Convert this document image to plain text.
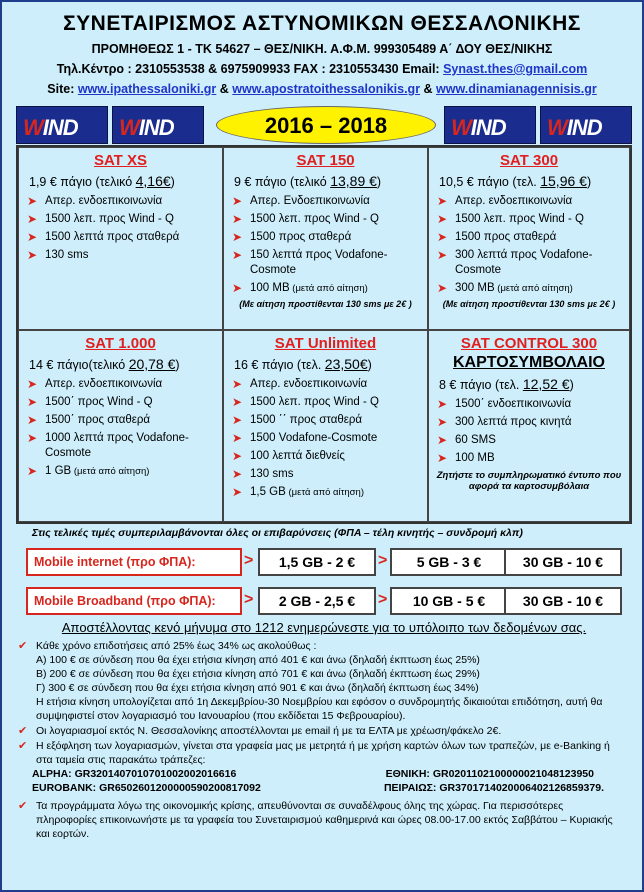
ΣΥΝΕΤΑΙΡΙΣΜΟΣ ΑΣΤΥΝΟΜΙΚΩΝ ΘΕΣΣΑΛΟΝΙΚΗΣ
ΠΡΟΜΗΘΕΩΣ 1 - ΤΚ 54627 – ΘΕΣ/ΝΙΚΗ. Α.Φ.Μ. 999305489 Α΄ ΔΟΥ ΘΕΣ/ΝΙΚΗΣ
Τηλ.Κέντρο : 2310553538 & 6975909933 FAX : 2310553430 Email: Synast.thes@gmail.com
Site: www.ipathessaloniki.gr & www.apostratoithessalonikis.gr & www.dinamianagennisis.gr
WIND WIND	2016 – 2018	WIND WIND
SAT XS
1,9 € πάγιο (τελικό 4,16€)
➤ Απερ. ενδοεπικοινωνία
➤ 1500 λεπ. προς Wind - Q
➤ 1500 λεπτά προς σταθερά
➤ 130 sms
SAT 150
9 € πάγιο (τελικό 13,89 €)
➤ Απερ. Ενδοεπικοινωνία
➤ 1500 λεπ. προς Wind - Q
➤ 1500 προς σταθερά
➤ 150 λεπτά προς Vodafone-Cosmote
➤ 100 MB (μετά από αίτηση)
(Με αίτηση προστίθενται 130 sms με 2€ )
SAT 300
10,5 € πάγιο (τελ. 15,96 €)
➤ Απερ. ενδοεπικοινωνία
➤ 1500 λεπ. προς Wind - Q
➤ 1500 προς σταθερά
➤ 300 λεπτά προς Vodafone-Cosmote
➤ 300 MB (μετά από αίτηση)
(Με αίτηση προστίθενται 130 sms με 2€ )
SAT 1.000
14 € πάγιο(τελικό 20,78 €)
➤ Απερ. ενδοεπικοινωνία
➤ 1500΄ προς Wind - Q
➤ 1500΄ προς σταθερά
➤ 1000 λεπτά προς Vodafone-Cosmote
➤ 1 GB (μετά από αίτηση)
SAT Unlimited
16 € πάγιο (τελ. 23,50€)
➤ Απερ. ενδοεπικοινωνία
➤ 1500 λεπ. προς Wind - Q
➤ 1500 ΄΄ προς σταθερά
➤ 1500 Vodafone-Cosmote
➤ 100 λεπτά διεθνείς
➤ 130 sms
➤ 1,5 GB (μετά από αίτηση)
SAT CONTROL 300
ΚΑΡΤΟΣΥΜΒΟΛΑΙΟ
8 € πάγιο (τελ. 12,52 €)
➤ 1500΄ ενδοεπικοινωνία
➤ 300 λεπτά προς κινητά
➤ 60 SMS
➤ 100 MB
Ζητήστε το συμπληρωματικό έντυπο που αφορά τα καρτοσυμβόλαια
Στις τελικές τιμές συμπεριλαμβάνονται όλες οι επιβαρύνσεις (ΦΠΑ – τέλη κινητής – συνδρομή κλπ)
Mobile internet (προ ΦΠΑ):	>	1,5 GB - 2 €	>	5 GB - 3 €	30 GB - 10 €
Mobile Broadband (προ ΦΠΑ):	>	2 GB - 2,5 €	>	10 GB - 5 €	30 GB - 10 €
Αποστέλλοντας κενό μήνυμα στο 1212 ενημερώνεστε για το υπόλοιπο των δεδομένων σας.
✔ Κάθε χρόνο επιδοτήσεις από 25% έως 34% ως ακολούθως :
Α) 100 € σε σύνδεση που θα έχει ετήσια κίνηση από 401 € και άνω (δηλαδή έκπτωση έως 25%)
Β) 200 € σε σύνδεση που θα έχει ετήσια κίνηση από 701 € και άνω (δηλαδή έκπτωση έως 29%)
Γ) 300 € σε σύνδεση που θα έχει ετήσια κίνηση από 901 € και άνω (δηλαδή έκπτωση έως 34%)
Η ετήσια κίνηση υπολογίζεται από 1η Δεκεμβρίου-30 Νοεμβρίου και εφόσον ο συνδρομητής δικαιούται επιδότηση, αυτή θα συμψηφιστεί στον λογαριασμό του Ιανουαρίου (που εκδίδεται 15 Φεβρουαρίου).
✔ Οι λογαριασμοί εκτός Ν. Θεσσαλονίκης αποστέλλονται με email ή με τα ΕΛΤΑ με χρέωση/φάκελο 2€.
✔ Η εξόφληση των λογαριασμών, γίνεται στα γραφεία μας με μετρητά ή με χρήση καρτών όλων των τραπεζών, με e-Banking ή στα ταμεία στις παρακάτω τράπεζες:
ALPHA: GR3201407010701002002016616	ΕΘΝΙΚΗ: GR0201102100000021048123950
EUROBANK: GR6502601200000590200817092	ΠΕΙΡΑΙΩΣ: GR3701714020006402126859379.
✔ Τα προγράμματα λόγω της οικονομικής κρίσης, απευθύνονται σε συναδέλφους όλης της χώρας. Για περισσότερες πληροφορίες επικοινωνήστε με τα γραφεία του Συνεταιρισμού καθημερινά και ώρες 08.00-17.00 εκτός Σαββάτου – Κυριακής και εορτών.
